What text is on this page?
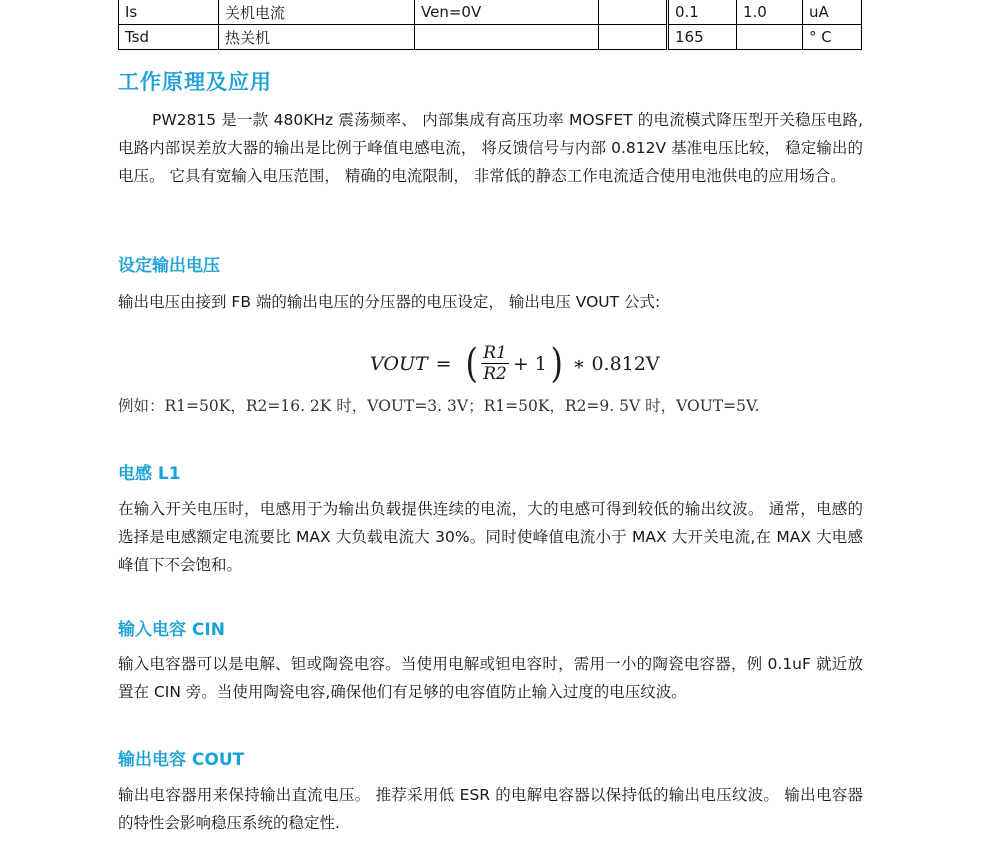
Is	关机电流	Ven=0V			0.1	1.0	uA
Tsd	热关机				165		° C
工作原理及应用
PW2815 是一款 480KHz 震荡频率、 内部集成有高压功率 MOSFET 的电流模式降压型开关稳压电路, 电路内部误差放大器的输出是比例于峰值电感电流， 将反馈信号与内部 0.812V 基准电压比较， 稳定输出的电压。 它具有宽输入电压范围， 精确的电流限制， 非常低的静态工作电流适合使用电池供电的应用场合。
设定输出电压
输出电压由接到 FB 端的输出电压的分压器的电压设定， 输出电压 VOUT 公式:
VOUT = ( $\frac{R1}{R2} + 1$ ) ∗ 0.812V
例如：R1=50K，R2=16. 2K 时，VOUT=3. 3V；R1=50K，R2=9. 5V 时，VOUT=5V.
电感 L1
在输入开关电压时，电感用于为输出负载提供连续的电流，大的电感可得到较低的输出纹波。 通常，电感的选择是电感额定电流要比 MAX 大负载电流大 30%。同时使峰值电流小于 MAX 大开关电流,在 MAX 大电感峰值下不会饱和。
输入电容 CIN
输入电容器可以是电解、钽或陶瓷电容。当使用电解或钽电容时，需用一小的陶瓷电容器，例 0.1uF 就近放置在 CIN 旁。当使用陶瓷电容,确保他们有足够的电容值防止输入过度的电压纹波。
输出电容 COUT
输出电容器用来保持输出直流电压。 推荐采用低 ESR 的电解电容器以保持低的输出电压纹波。 输出电容器的特性会影响稳压系统的稳定性.
